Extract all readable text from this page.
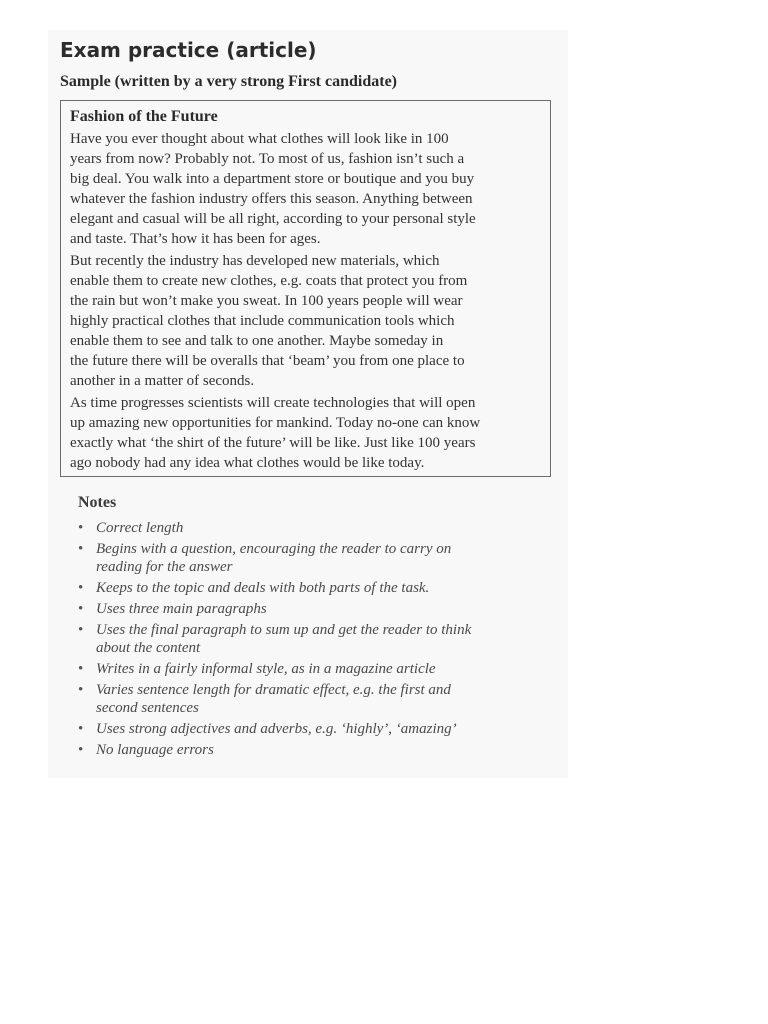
Exam practice (article)
Sample (written by a very strong First candidate)
Fashion of the Future
Have you ever thought about what clothes will look like in 100
years from now? Probably not. To most of us, fashion isn’t such a
big deal. You walk into a department store or boutique and you buy
whatever the fashion industry offers this season. Anything between
elegant and casual will be all right, according to your personal style
and taste. That’s how it has been for ages.
But recently the industry has developed new materials, which
enable them to create new clothes, e.g. coats that protect you from
the rain but won’t make you sweat. In 100 years people will wear
highly practical clothes that include communication tools which
enable them to see and talk to one another. Maybe someday in
the future there will be overalls that ‘beam’ you from one place to
another in a matter of seconds.
As time progresses scientists will create technologies that will open
up amazing new opportunities for mankind. Today no-one can know
exactly what ‘the shirt of the future’ will be like. Just like 100 years
ago nobody had any idea what clothes would be like today.
Notes
• Correct length
• Begins with a question, encouraging the reader to carry on
reading for the answer
• Keeps to the topic and deals with both parts of the task.
• Uses three main paragraphs
• Uses the final paragraph to sum up and get the reader to think
about the content
• Writes in a fairly informal style, as in a magazine article
• Varies sentence length for dramatic effect, e.g. the first and
second sentences
• Uses strong adjectives and adverbs, e.g. ‘highly’, ‘amazing’
• No language errors
